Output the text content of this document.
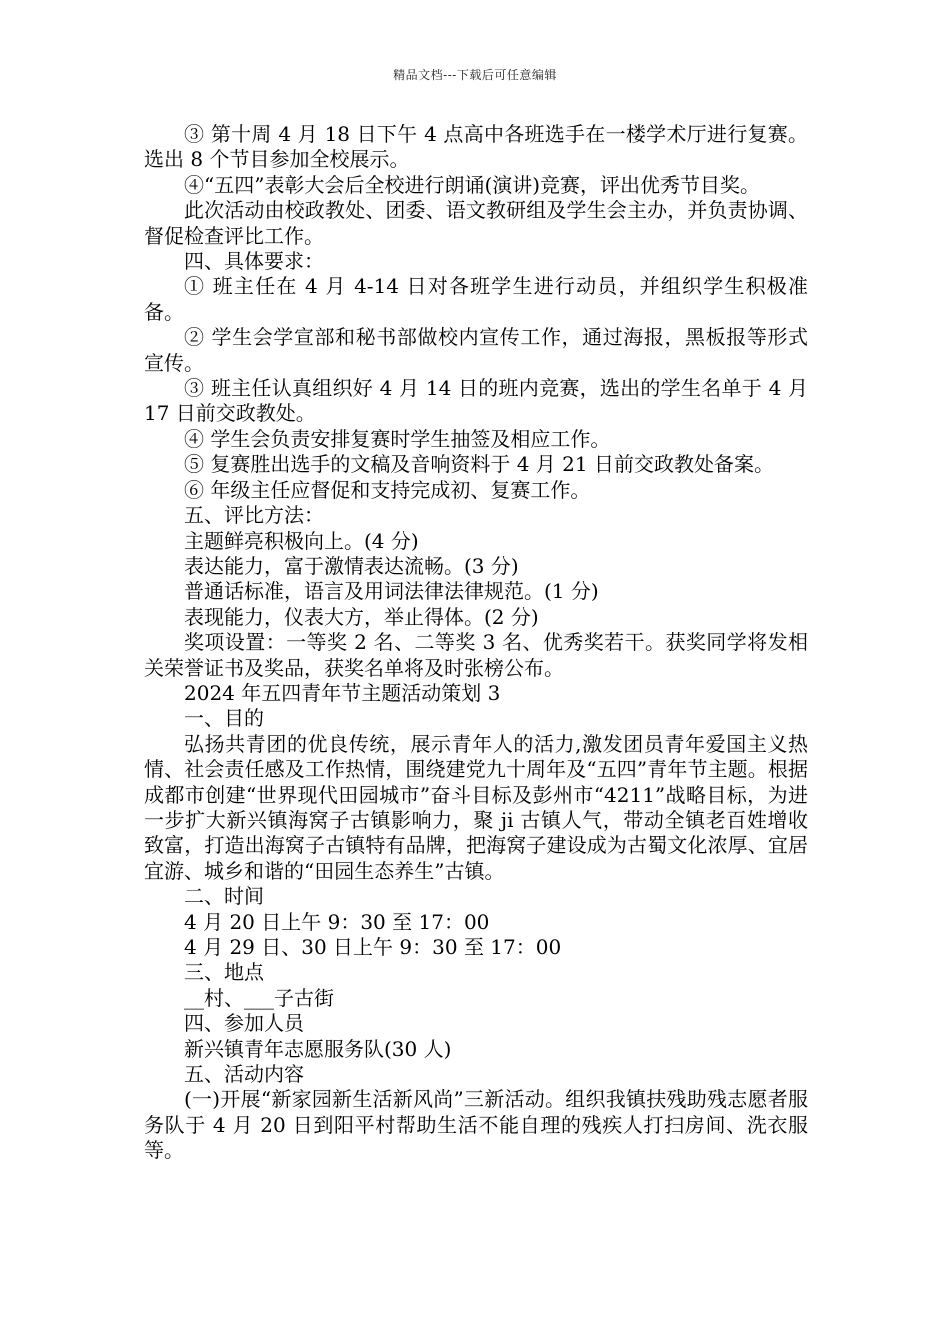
精品文档---下载后可任意编辑

③ 第十周 4 月 18 日下午 4 点高中各班选手在一楼学术厅进行复赛。选出 8 个节目参加全校展示。

④“五四”表彰大会后全校进行朗诵(演讲)竞赛，评出优秀节目奖。

此次活动由校政教处、团委、语文教研组及学生会主办，并负责协调、督促检查评比工作。

四、具体要求：

① 班主任在 4 月 4-14 日对各班学生进行动员，并组织学生积极准备。

② 学生会学宣部和秘书部做校内宣传工作，通过海报，黑板报等形式宣传。

③ 班主任认真组织好 4 月 14 日的班内竞赛，选出的学生名单于 4 月 17 日前交政教处。

④ 学生会负责安排复赛时学生抽签及相应工作。

⑤ 复赛胜出选手的文稿及音响资料于 4 月 21 日前交政教处备案。

⑥ 年级主任应督促和支持完成初、复赛工作。

五、评比方法：

主题鲜亮积极向上。(4 分)

表达能力，富于激情表达流畅。(3 分)

普通话标准，语言及用词法律法律规范。(1 分)

表现能力，仪表大方，举止得体。(2 分)

奖项设置：一等奖 2 名、二等奖 3 名、优秀奖若干。获奖同学将发相关荣誉证书及奖品，获奖名单将及时张榜公布。

2024 年五四青年节主题活动策划 3

一、目的

弘扬共青团的优良传统，展示青年人的活力,激发团员青年爱国主义热情、社会责任感及工作热情，围绕建党九十周年及“五四”青年节主题。根据成都市创建“世界现代田园城市”奋斗目标及彭州市“4211”战略目标，为进一步扩大新兴镇海窝子古镇影响力，聚 ji 古镇人气，带动全镇老百姓增收致富，打造出海窝子古镇特有品牌，把海窝子建设成为古蜀文化浓厚、宜居宜游、城乡和谐的“田园生态养生”古镇。

二、时间

4 月 20 日上午 9：30 至 17：00

4 月 29 日、30 日上午 9：30 至 17：00

三、地点

__村、___子古街

四、参加人员

新兴镇青年志愿服务队(30 人)

五、活动内容

(一)开展“新家园新生活新风尚”三新活动。组织我镇扶残助残志愿者服务队于 4 月 20 日到阳平村帮助生活不能自理的残疾人打扫房间、洗衣服等。
